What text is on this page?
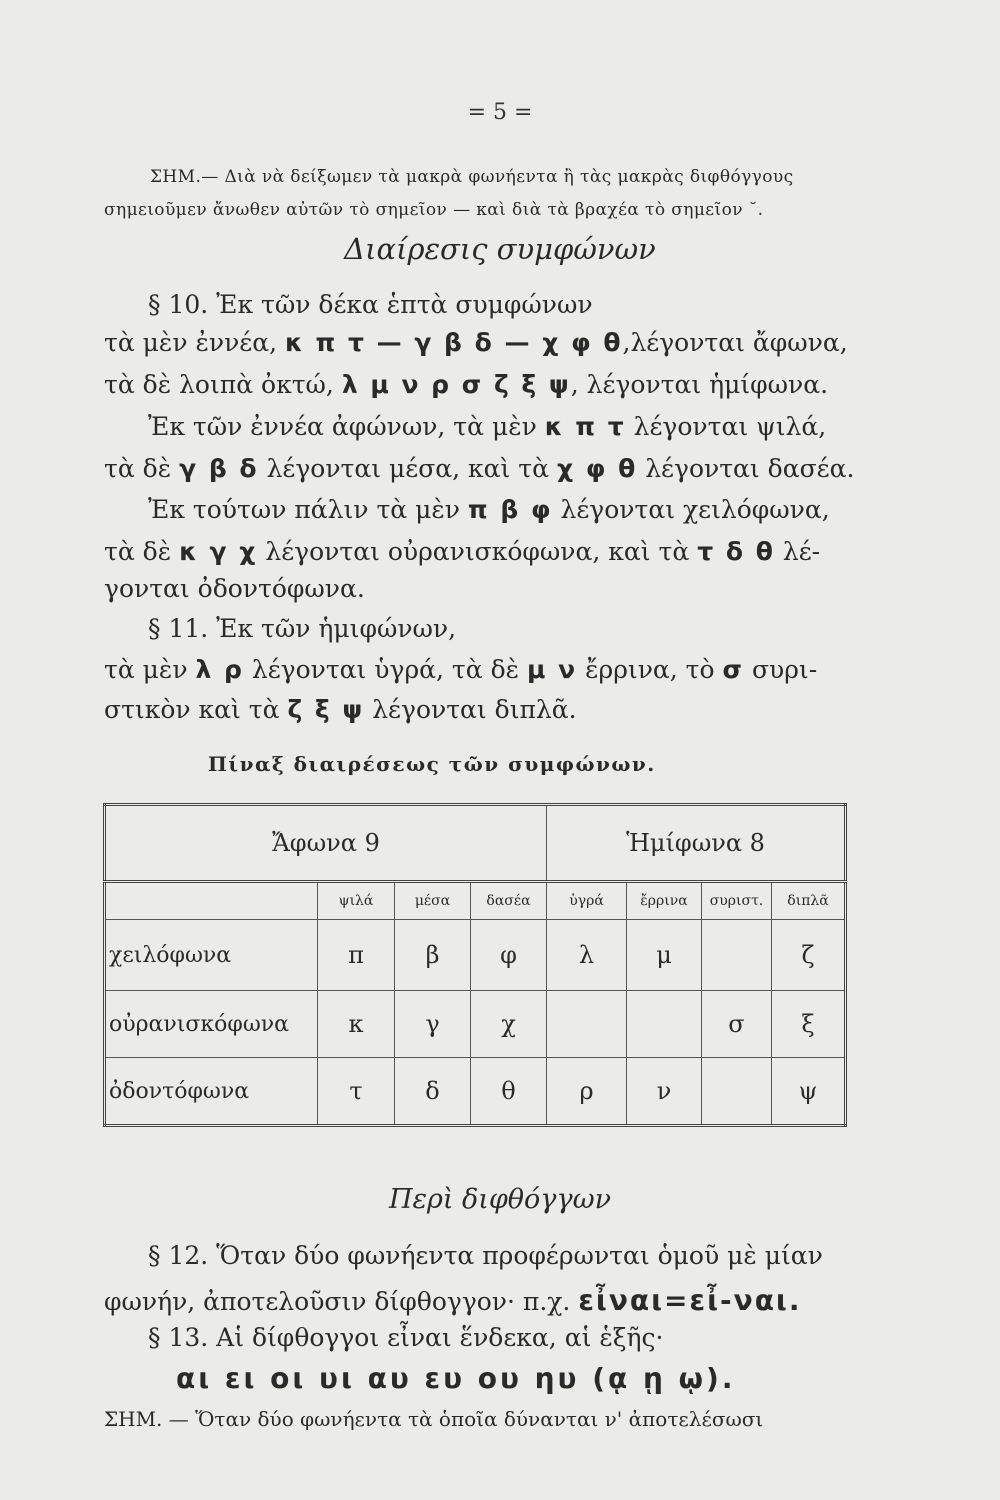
= 5 =
ΣΗΜ.— Διὰ νὰ δείξωμεν τὰ μακρὰ φωνήεντα ἢ τὰς μακρὰς διφθόγγους
σημειοῦμεν ἄνωθεν αὐτῶν τὸ σημεῖον — καὶ διὰ τὰ βραχέα τὸ σημεῖον ˘.
Διαίρεσις συμφώνων
§ 10. Ἐκ τῶν δέκα ἑπτὰ συμφώνων
τὰ μὲν ἐννέα, κ π τ — γ β δ — χ φ θ,λέγονται ἄφωνα,
τὰ δὲ λοιπὰ ὀκτώ, λ μ ν ρ σ ζ ξ ψ, λέγονται ἡμίφωνα.
Ἐκ τῶν ἐννέα ἀφώνων, τὰ μὲν κ π τ λέγονται ψιλά,
τὰ δὲ γ β δ λέγονται μέσα, καὶ τὰ χ φ θ λέγονται δασέα.
Ἐκ τούτων πάλιν τὰ μὲν π β φ λέγονται χειλόφωνα,
τὰ δὲ κ γ χ λέγονται οὐρανισκόφωνα, καὶ τὰ τ δ θ λέ-
γονται ὀδοντόφωνα.
§ 11. Ἐκ τῶν ἡμιφώνων,
τὰ μὲν λ ρ λέγονται ὑγρά, τὰ δὲ μ ν ἔρρινα, τὸ σ συρι-
στικὸν καὶ τὰ ζ ξ ψ λέγονται διπλᾶ.
Πίναξ διαιρέσεως τῶν συμφώνων.
Ἄφωνα 9				Ἡμίφωνα 8			
	ψιλά	μέσα	δασέα	ὑγρά	ἔρρινα	συριστ.	διπλᾶ
χειλόφωνα	π	β	φ	λ	μ		ζ
οὐρανισκόφωνα	κ	γ	χ			σ	ξ
ὀδοντόφωνα	τ	δ	θ	ρ	ν		ψ
Περὶ διφθόγγων
§ 12. Ὅταν δύο φωνήεντα προφέρωνται ὁμοῦ μὲ μίαν
φωνήν, ἀποτελοῦσιν δίφθογγον· π.χ. εἶναι=εἶ-ναι.
§ 13. Αἱ δίφθογγοι εἶναι ἕνδεκα, αἱ ἑξῆς·
αι ει οι υι αυ ευ ου ηυ (ᾳ ῃ ῳ).
ΣΗΜ. — Ὅταν δύο φωνήεντα τὰ ὁποῖα δύνανται ν' ἀποτελέσωσι
